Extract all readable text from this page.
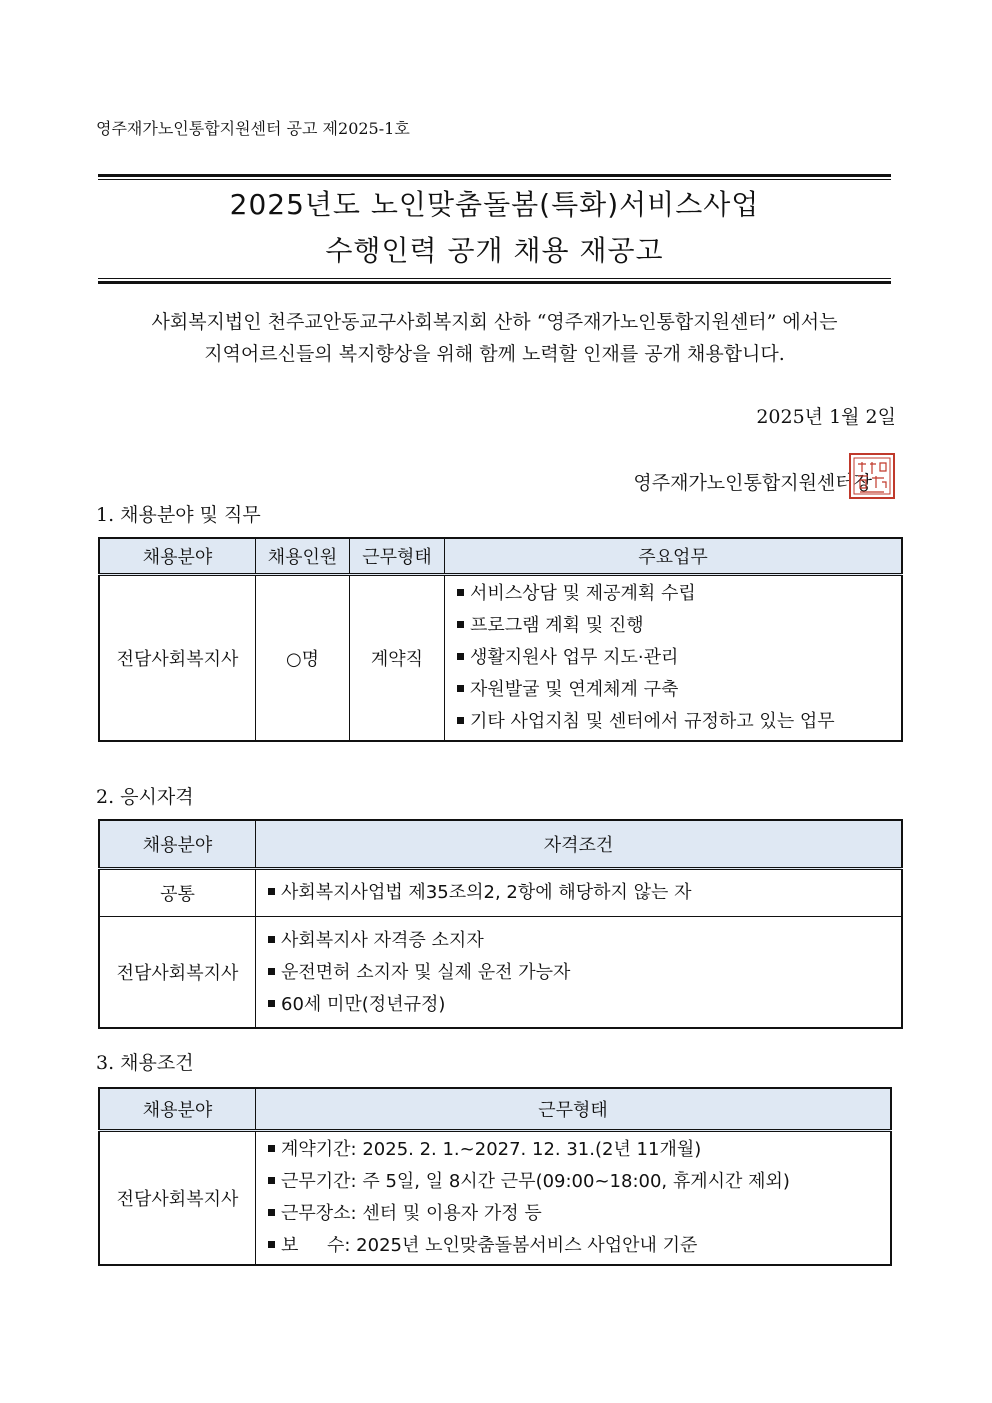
영주재가노인통합지원센터 공고 제2025-1호
2025년도 노인맞춤돌봄(특화)서비스사업
수행인력 공개 채용 재공고
사회복지법인 천주교안동교구사회복지회 산하 “영주재가노인통합지원센터” 에서는
지역어르신들의 복지향상을 위해 함께 노력할 인재를 공개 채용합니다.
2025년 1월 2일
영주재가노인통합지원센터장
1. 채용분야 및 직무
채용분야	채용인원	근무형태	주요업무
전담사회복지사	○명	계약직	서비스상담 및 제공계획 수립
프로그램 계획 및 진행
생활지원사 업무 지도·관리
자원발굴 및 연계체계 구축
기타 사업지침 및 센터에서 규정하고 있는 업무
2. 응시자격
채용분야	자격조건
공통	사회복지사업법 제35조의2, 2항에 해당하지 않는 자

전담사회복지사	사회복지사 자격증 소지자
운전면허 소지자 및 실제 운전 가능자
60세 미만(정년규정)
3. 채용조건
채용분야	근무형태
전담사회복지사	계약기간: 2025. 2. 1.~2027. 12. 31.(2년 11개월)
근무기간: 주 5일, 일 8시간 근무(09:00~18:00, 휴게시간 제외)
근무장소: 센터 및 이용자 가정 등
보     수: 2025년 노인맞춤돌봄서비스 사업안내 기준
